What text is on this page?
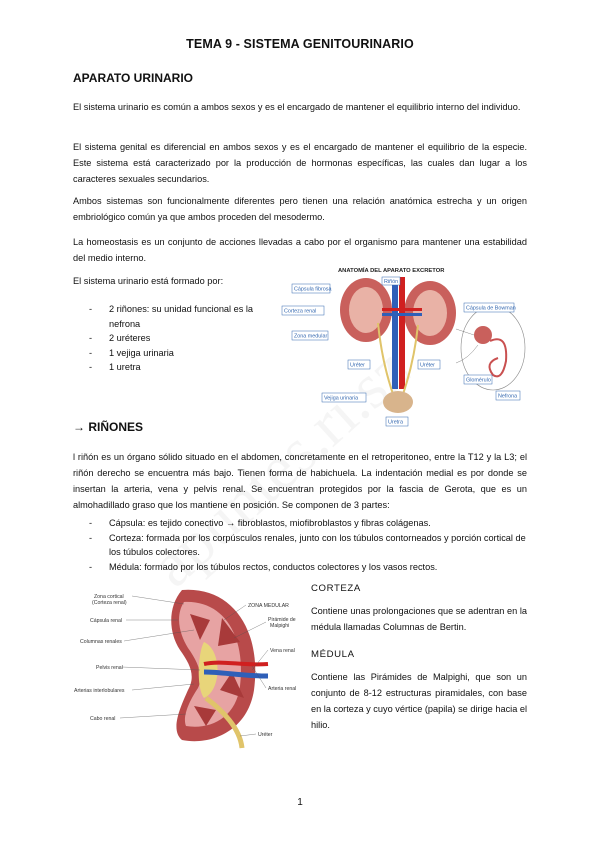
TEMA 9 - SISTEMA GENITOURINARIO
APARATO URINARIO
El sistema urinario es común a ambos sexos y es el encargado de mantener el equilibrio interno del individuo.
El sistema genital es diferencial en ambos sexos y es el encargado de mantener el equilibrio de la especie. Este sistema está caracterizado por la producción de hormonas específicas, las cuales dan lugar a los caracteres sexuales secundarios.
Ambos sistemas son funcionalmente diferentes pero tienen una relación anatómica estrecha y un origen embriológico común ya que ambos proceden del mesodermo.
La homeostasis es un conjunto de acciones llevadas a cabo por el organismo para mantener una estabilidad del medio interno.
El sistema urinario está formado por:
-	2 riñones: su unidad funcional es la nefrona
-	2 uréteres
-	1 vejiga urinaria
-	1 uretra
ANATOMÍA DEL APARATO EXCRETOR
Cápsula fibrosa
Riñón
Corteza renal
Zona medular
Cápsula de Bowman
Uréter	Uréter
Glomérulo
Nefrona
Vejiga urinaria
Uretra
→ RIÑONES
l riñón es un órgano sólido situado en el abdomen, concretamente en el retroperitoneo, entre la T12 y la L3; el riñón derecho se encuentra más bajo. Tienen forma de habichuela. La indentación medial es por donde se insertan la arteria, vena y pelvis renal. Se encuentran protegidos por la fascia de Gerota, que es un almohadillado graso que los mantiene en posición. Se componen de 3 partes:
-	Cápsula: es tejido conectivo → fibroblastos, miofibroblastos y fibras colágenas.
-	Corteza: formada por los corpúsculos renales, junto con los túbulos contorneados y porción cortical de los túbulos colectores.
-	Médula: formado por los túbulos rectos, conductos colectores y los vasos rectos.
Zona cortical
(Corteza renal)	ZONA MEDULAR
Cápsula renal	Pirámide de
Malpighi
Columnas renales
Vena renal
Pelvis renal
Arteria renal
Arterias interlobulares
Cabo renal
Uréter
CORTEZA
Contiene unas prolongaciones que se adentran en la médula llamadas Columnas de Bertin.
MÉDULA
Contiene las Pirámides de Malpighi, que son un conjunto de 8-12 estructuras piramidales, con base en la corteza y cuyo vértice (papila) se dirige hacia el hilio.
1
